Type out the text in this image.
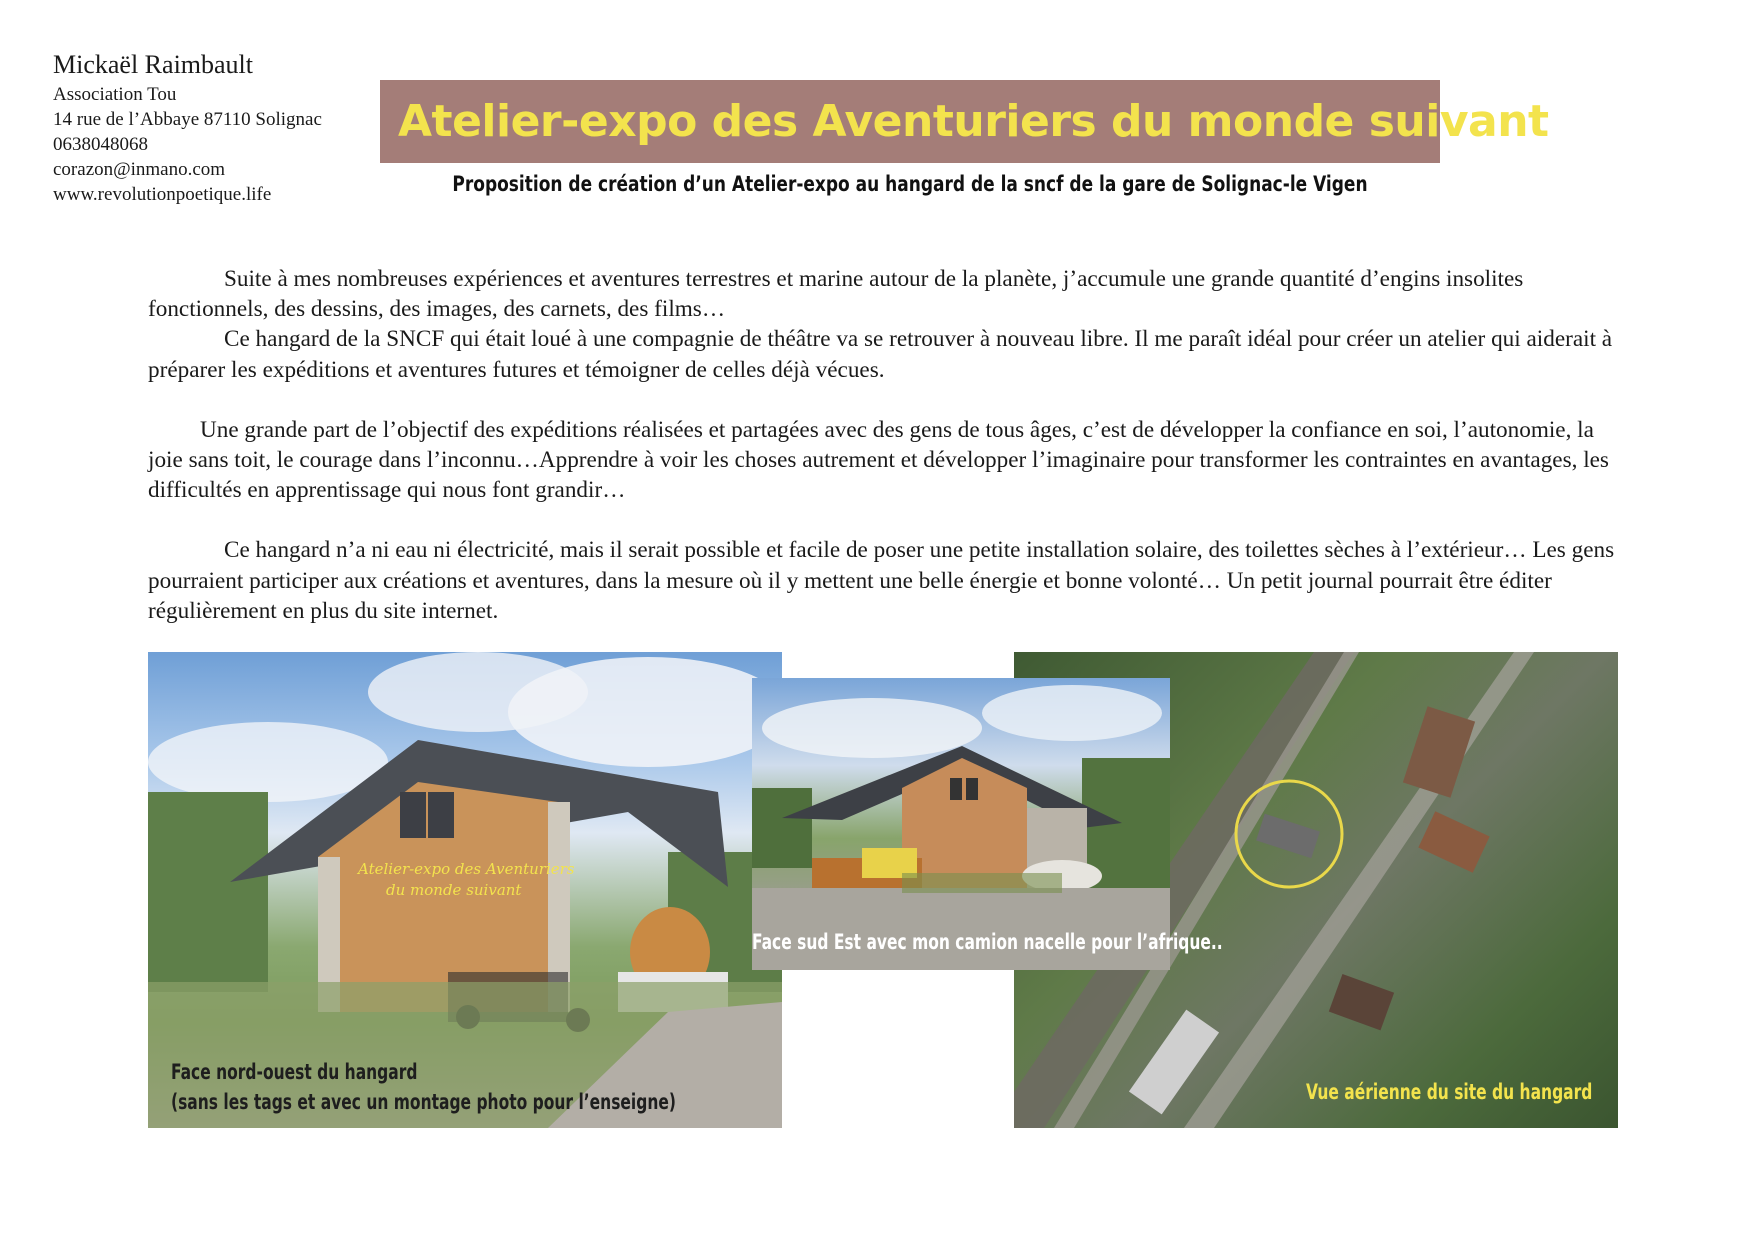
Mickaël Raimbault
Association Tou
14 rue de l’Abbaye 87110 Solignac
0638048068
corazon@inmano.com
www.revolutionpoetique.life
Atelier-expo des Aventuriers du monde suivant
Proposition de création d’un Atelier-expo au hangard de la sncf de la gare de Solignac-le Vigen

Suite à mes nombreuses expériences et aventures terrestres et marine autour de la planète, j’accumule une grande quantité d’engins insolites fonctionnels, des dessins, des images, des carnets, des films…

Ce hangard de la SNCF qui était loué à une compagnie de théâtre va se retrouver à nouveau libre. Il me paraît idéal pour créer un atelier qui aiderait à préparer les expéditions et aventures futures et témoigner de celles déjà vécues.

Une grande part de l’objectif des expéditions réalisées et partagées avec des gens de tous âges, c’est de développer la confiance en soi, l’autonomie, la joie sans toit, le courage dans l’inconnu…Apprendre à voir les choses autrement et développer l’imaginaire pour transformer les contraintes en avantages, les difficultés en apprentissage qui nous font grandir…

Ce hangard n’a ni eau ni électricité, mais il serait possible et facile de poser une petite installation solaire, des toilettes sèches à l’extérieur… Les gens pourraient participer aux créations et aventures, dans la mesure où il y mettent une belle énergie et bonne volonté… Un petit journal pourrait être éditer régulièrement en plus du site internet.

Atelier-expo des Aventuriers
du monde suivant
Face nord-ouest du hangard
(sans les tags et avec un montage photo pour l’enseigne)	Vue aérienne du site du hangard
Face sud Est avec mon camion nacelle pour l’afrique..
